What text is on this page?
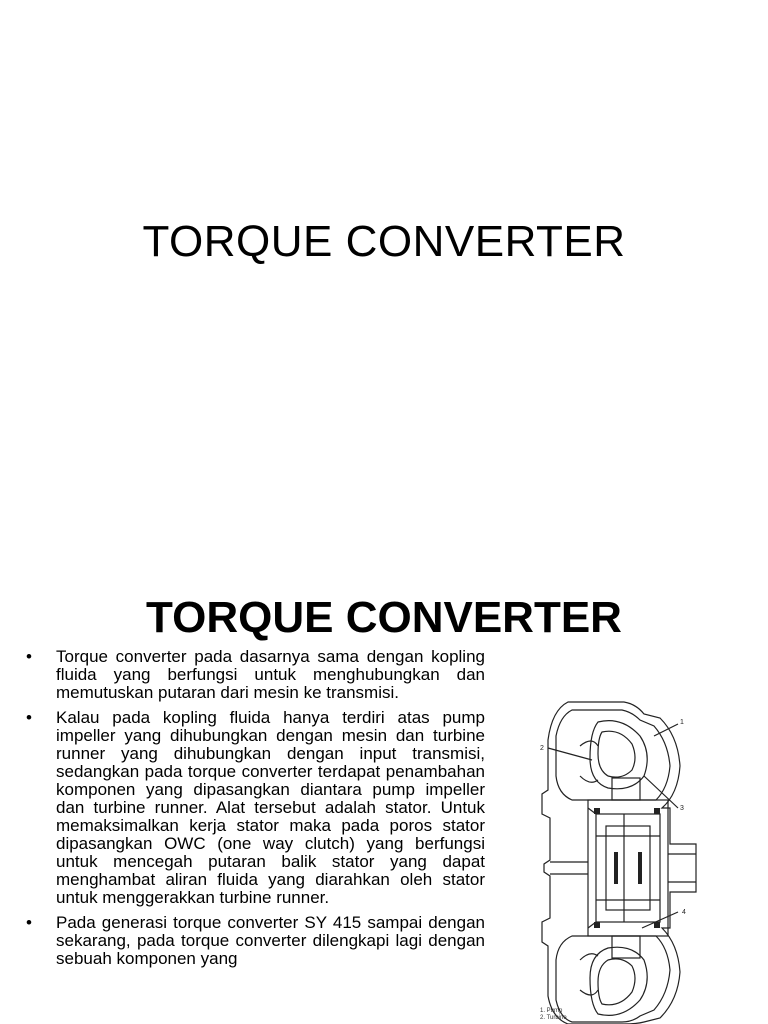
TORQUE CONVERTER
TORQUE CONVERTER
• Torque converter pada dasarnya sama dengan kopling fluida yang berfungsi untuk menghubungkan dan memutuskan putaran dari mesin ke transmisi.
• Kalau pada kopling fluida hanya terdiri atas pump impeller yang dihubungkan dengan mesin dan turbine runner yang dihubungkan dengan input transmisi, sedangkan pada torque converter terdapat penambahan komponen yang dipasangkan diantara pump impeller dan turbine runner. Alat tersebut adalah stator. Untuk memaksimalkan kerja stator maka pada poros stator dipasangkan OWC (one way clutch) yang berfungsi untuk mencegah putaran balik stator yang dapat menghambat aliran fluida yang diarahkan oleh stator untuk menggerakkan turbine runner.
• Pada generasi torque converter SY 415 sampai dengan sekarang, pada torque converter dilengkapi lagi dengan sebuah komponen yang
1
2
3
4
1. Pump
2. Turbine
